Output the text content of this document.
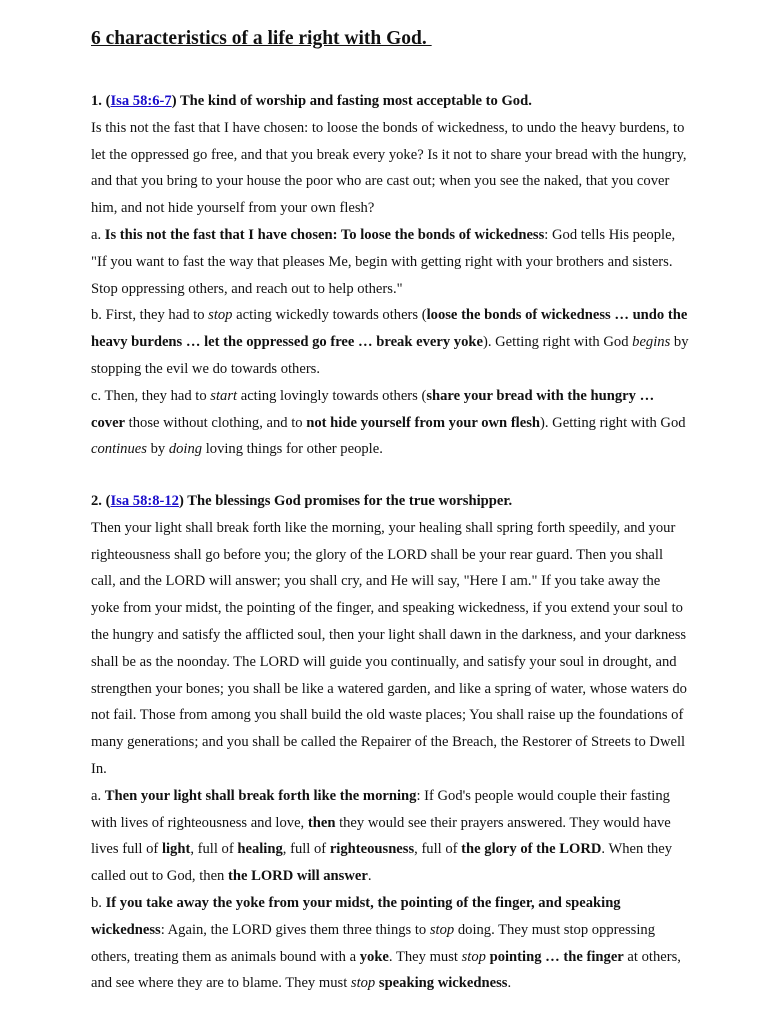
6 characteristics of a life right with God.

1. (Isa 58:6-7) The kind of worship and fasting most acceptable to God.

Is this not the fast that I have chosen: to loose the bonds of wickedness, to undo the heavy burdens, to let the oppressed go free, and that you break every yoke? Is it not to share your bread with the hungry, and that you bring to your house the poor who are cast out; when you see the naked, that you cover him, and not hide yourself from your own flesh?

a. Is this not the fast that I have chosen: To loose the bonds of wickedness: God tells His people, "If you want to fast the way that pleases Me, begin with getting right with your brothers and sisters. Stop oppressing others, and reach out to help others."

b. First, they had to stop acting wickedly towards others (loose the bonds of wickedness … undo the heavy burdens … let the oppressed go free … break every yoke). Getting right with God begins by stopping the evil we do towards others.

c. Then, they had to start acting lovingly towards others (share your bread with the hungry … cover those without clothing, and to not hide yourself from your own flesh). Getting right with God continues by doing loving things for other people.

2. (Isa 58:8-12) The blessings God promises for the true worshipper.

Then your light shall break forth like the morning, your healing shall spring forth speedily, and your righteousness shall go before you; the glory of the LORD shall be your rear guard. Then you shall call, and the LORD will answer; you shall cry, and He will say, "Here I am." If you take away the yoke from your midst, the pointing of the finger, and speaking wickedness, if you extend your soul to the hungry and satisfy the afflicted soul, then your light shall dawn in the darkness, and your darkness shall be as the noonday. The LORD will guide you continually, and satisfy your soul in drought, and strengthen your bones; you shall be like a watered garden, and like a spring of water, whose waters do not fail. Those from among you shall build the old waste places; You shall raise up the foundations of many generations; and you shall be called the Repairer of the Breach, the Restorer of Streets to Dwell In.

a. Then your light shall break forth like the morning: If God's people would couple their fasting with lives of righteousness and love, then they would see their prayers answered. They would have lives full of light, full of healing, full of righteousness, full of the glory of the LORD. When they called out to God, then the LORD will answer.

b. If you take away the yoke from your midst, the pointing of the finger, and speaking wickedness: Again, the LORD gives them three things to stop doing. They must stop oppressing others, treating them as animals bound with a yoke. They must stop pointing … the finger at others, and see where they are to blame. They must stop speaking wickedness.
